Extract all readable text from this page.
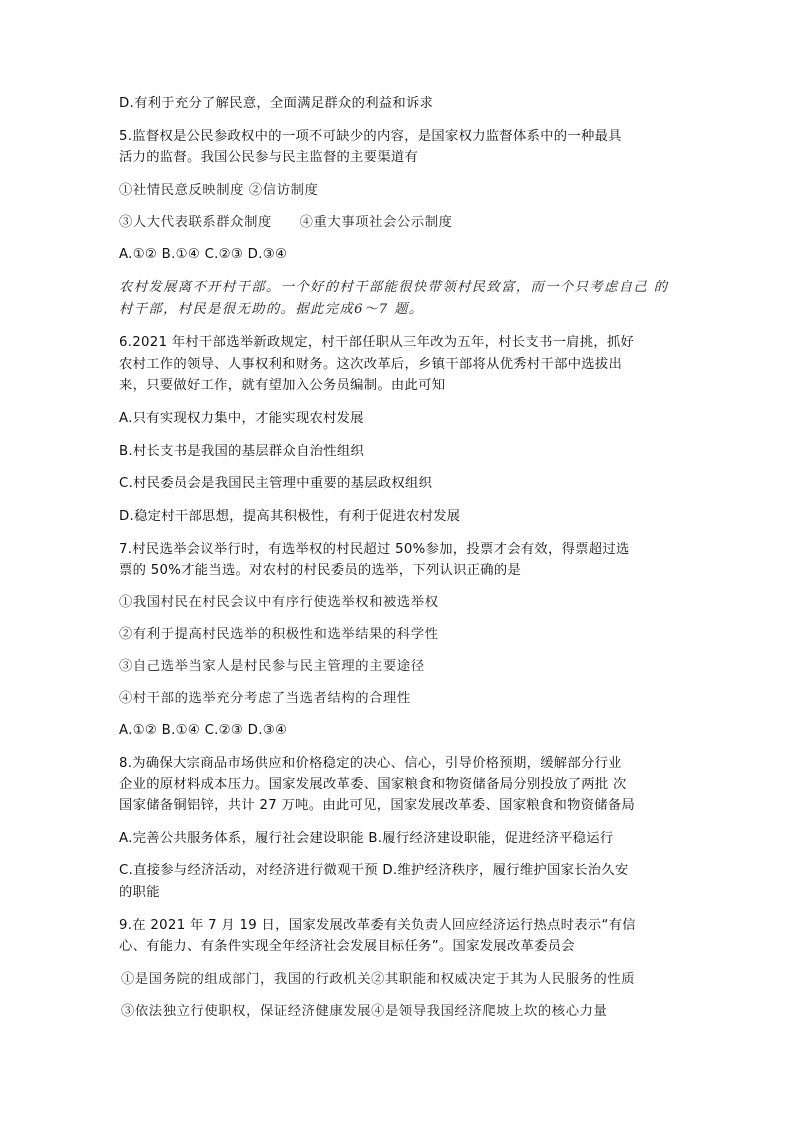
D.有利于充分了解民意，全面满足群众的利益和诉求
5.监督权是公民参政权中的一项不可缺少的内容，是国家权力监督体系中的一种最具
活力的监督。我国公民参与民主监督的主要渠道有
①社情民意反映制度 ②信访制度
③人大代表联系群众制度　　④重大事项社会公示制度
A.①② B.①④ C.②③ D.③④
农村发展离不开村干部。一个好的村干部能很快带领村民致富，而一个只考虑自己 的
村干部，村民是很无助的。据此完成6～7 题。
6.2021 年村干部选举新政规定，村干部任职从三年改为五年，村长支书一肩挑，抓好
农村工作的领导、人事权利和财务。这次改革后，乡镇干部将从优秀村干部中选拔出
来，只要做好工作，就有望加入公务员编制。由此可知
A.只有实现权力集中，才能实现农村发展
B.村长支书是我国的基层群众自治性组织
C.村民委员会是我国民主管理中重要的基层政权组织
D.稳定村干部思想，提高其积极性，有利于促进农村发展
7.村民选举会议举行时，有选举权的村民超过 50%参加，投票才会有效，得票超过选
票的 50%才能当选。对农村的村民委员的选举，下列认识正确的是
①我国村民在村民会议中有序行使选举权和被选举权
②有利于提高村民选举的积极性和选举结果的科学性
③自己选举当家人是村民参与民主管理的主要途径
④村干部的选举充分考虑了当选者结构的合理性
A.①② B.①④ C.②③ D.③④
8.为确保大宗商品市场供应和价格稳定的决心、信心，引导价格预期，缓解部分行业
企业的原材料成本压力。国家发展改革委、国家粮食和物资储备局分别投放了两批 次
国家储备铜铝锌，共计 27 万吨。由此可见，国家发展改革委、国家粮食和物资储备局
A.完善公共服务体系，履行社会建设职能 B.履行经济建设职能，促进经济平稳运行
C.直接参与经济活动，对经济进行微观干预 D.维护经济秩序，履行维护国家长治久安
的职能
9.在 2021 年 7 月 19 日，国家发展改革委有关负责人回应经济运行热点时表示“有信
心、有能力、有条件实现全年经济社会发展目标任务”。国家发展改革委员会
①是国务院的组成部门，我国的行政机关②其职能和权威决定于其为人民服务的性质
③依法独立行使职权，保证经济健康发展④是领导我国经济爬坡上坎的核心力量
